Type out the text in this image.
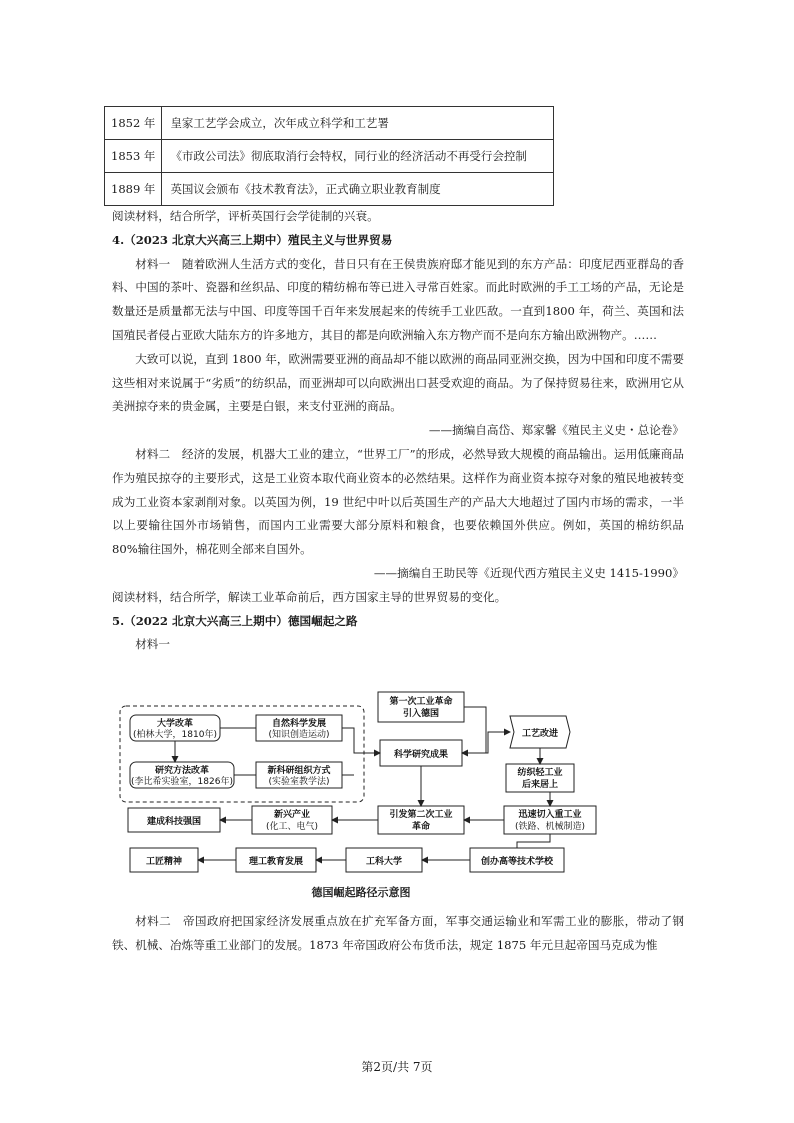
1852 年	皇家工艺学会成立，次年成立科学和工艺署
1853 年	《市政公司法》彻底取消行会特权，同行业的经济活动不再受行会控制
1889 年	英国议会颁布《技术教育法》，正式确立职业教育制度

阅读材料，结合所学，评析英国行会学徒制的兴衰。

4.（2023 北京大兴高三上期中）殖民主义与世界贸易

材料一　随着欧洲人生活方式的变化，昔日只有在王侯贵族府邸才能见到的东方产品：印度尼西亚群岛的香料、中国的茶叶、瓷器和丝织品、印度的精纺棉布等已进入寻常百姓家。而此时欧洲的手工工场的产品，无论是数量还是质量都无法与中国、印度等国千百年来发展起来的传统手工业匹敌。一直到1800 年，荷兰、英国和法国殖民者侵占亚欧大陆东方的许多地方，其目的都是向欧洲输入东方物产而不是向东方输出欧洲物产。……

大致可以说，直到 1800 年，欧洲需要亚洲的商品却不能以欧洲的商品同亚洲交换，因为中国和印度不需要这些相对来说属于“劣质”的纺织品，而亚洲却可以向欧洲出口甚受欢迎的商品。为了保持贸易往来，欧洲用它从美洲掠夺来的贵金属，主要是白银，来支付亚洲的商品。

——摘编自高岱、郑家馨《殖民主义史・总论卷》

材料二　经济的发展，机器大工业的建立，“世界工厂”的形成，必然导致大规模的商品输出。运用低廉商品作为殖民掠夺的主要形式，这是工业资本取代商业资本的必然结果。这样作为商业资本掠夺对象的殖民地被转变成为工业资本家剥削对象。以英国为例，19 世纪中叶以后英国生产的产品大大地超过了国内市场的需求，一半以上要输往国外市场销售，而国内工业需要大部分原料和粮食，也要依赖国外供应。例如，英国的棉纺织品 80%输往国外，棉花则全部来自国外。

——摘编自王助民等《近现代西方殖民主义史 1415-1990》

阅读材料，结合所学，解读工业革命前后，西方国家主导的世界贸易的变化。

5.（2022 北京大兴高三上期中）德国崛起之路

材料一

大学改革
(柏林大学，1810年)
自然科学发展
(知识创造运动)
研究方法改革
(李比希实验室，1826年)
新科研组织方式
(实验室教学法)
第一次工业革命
引入德国
科学研究成果
工艺改进
纺织轻工业
后来居上
迅速切入重工业
(铁路、机械制造)
引发第二次工业
革命
新兴产业
(化工、电气)
建成科技强国
创办高等技术学校
工科大学
理工教育发展
工匠精神
德国崛起路径示意图

材料二　帝国政府把国家经济发展重点放在扩充军备方面，军事交通运输业和军需工业的膨胀，带动了钢铁、机械、冶炼等重工业部门的发展。1873 年帝国政府公布货币法，规定 1875 年元旦起帝国马克成为惟

第2页/共 7页
